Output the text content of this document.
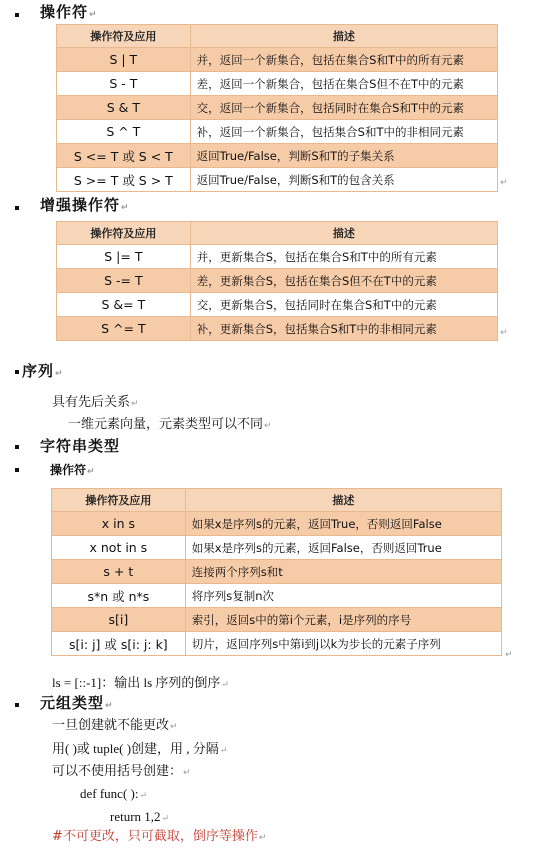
操作符↵
操作符及应用	描述
S | T	并，返回一个新集合，包括在集合S和T中的所有元素
S - T	差，返回一个新集合，包括在集合S但不在T中的元素
S & T	交，返回一个新集合，包括同时在集合S和T中的元素
S ^ T	补，返回一个新集合，包括集合S和T中的非相同元素
S <= T 或 S < T	返回True/False，判断S和T的子集关系
S >= T 或 S > T	返回True/False，判断S和T的包含关系	↵
增强操作符↵
操作符及应用	描述
S |= T	并，更新集合S，包括在集合S和T中的所有元素
S -= T	差，更新集合S，包括在集合S但不在T中的元素
S &= T	交，更新集合S，包括同时在集合S和T中的元素
S ^= T	补，更新集合S，包括集合S和T中的非相同元素	↵
序列↵
具有先后关系↵
一维元素向量，元素类型可以不同↵
字符串类型
操作符↵
操作符及应用	描述
x in s	如果x是序列s的元素，返回True，否则返回False
x not in s	如果x是序列s的元素，返回False，否则返回True
s + t	连接两个序列s和t
s*n 或 n*s	将序列s复制n次
s[i]	索引，返回s中的第i个元素，i是序列的序号
s[i: j] 或 s[i: j: k]	切片，返回序列s中第i到j以k为步长的元素子序列
↵
ls = [::-1]：输出 ls 序列的倒序↵
元组类型↵
一旦创建就不能更改↵
用( )或 tuple( )创建，用 , 分隔↵
可以不使用括号创建：↵
def func( ):↵
return 1,2↵
#不可更改，只可截取，倒序等操作↵
